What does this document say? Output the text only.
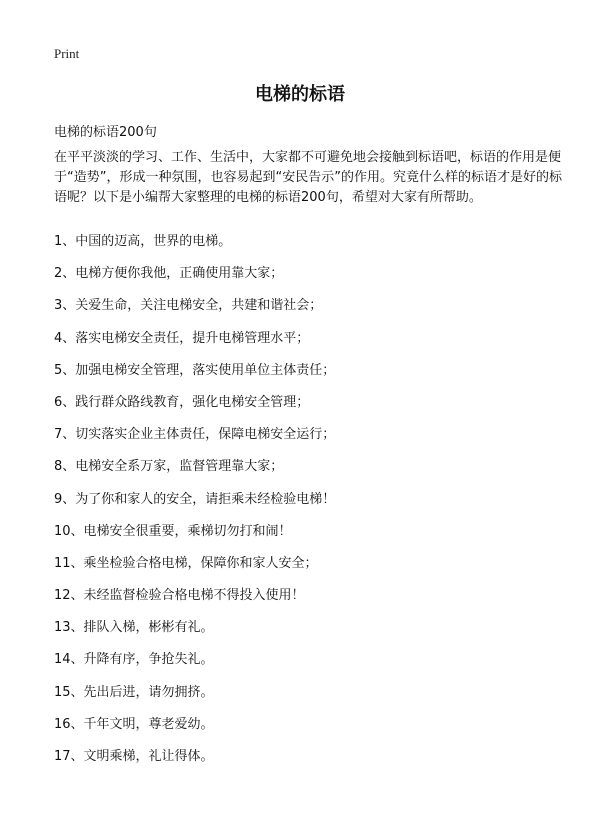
Print
电梯的标语
电梯的标语200句

在平平淡淡的学习、工作、生活中，大家都不可避免地会接触到标语吧，标语的作用是便于“造势”，形成一种氛围，也容易起到“安民告示”的作用。究竟什么样的标语才是好的标语呢？以下是小编帮大家整理的电梯的标语200句，希望对大家有所帮助。

1、中国的迈高，世界的电梯。
2、电梯方便你我他，正确使用靠大家；
3、关爱生命，关注电梯安全，共建和谐社会；
4、落实电梯安全责任，提升电梯管理水平；
5、加强电梯安全管理，落实使用单位主体责任；
6、践行群众路线教育，强化电梯安全管理；
7、切实落实企业主体责任，保障电梯安全运行；
8、电梯安全系万家，监督管理靠大家；
9、为了你和家人的安全，请拒乘未经检验电梯！
10、电梯安全很重要，乘梯切勿打和闹！
11、乘坐检验合格电梯，保障你和家人安全；
12、未经监督检验合格电梯不得投入使用！
13、排队入梯，彬彬有礼。
14、升降有序，争抢失礼。
15、先出后进，请勿拥挤。
16、千年文明，尊老爱幼。
17、文明乘梯，礼让得体。
